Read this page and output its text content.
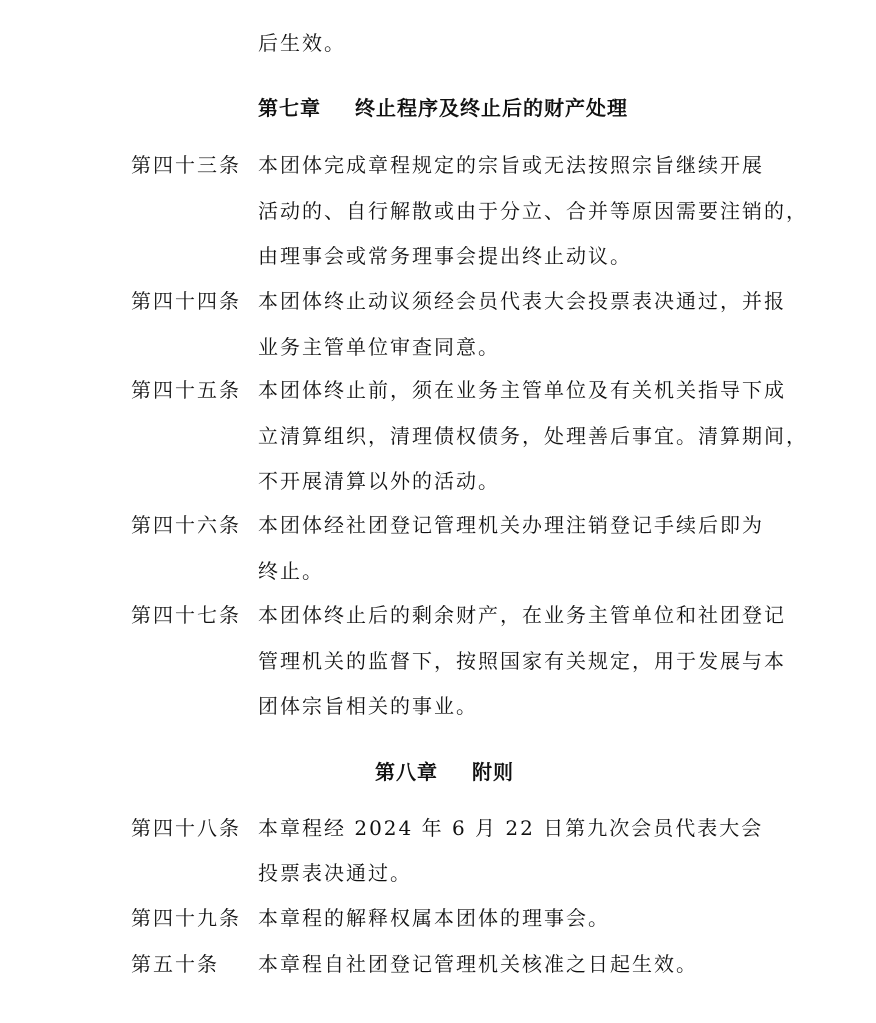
后生效。
第七章 终止程序及终止后的财产处理
第四十三条 本团体完成章程规定的宗旨或无法按照宗旨继续开展
活动的、自行解散或由于分立、合并等原因需要注销的，
由理事会或常务理事会提出终止动议。
第四十四条 本团体终止动议须经会员代表大会投票表决通过，并报
业务主管单位审查同意。
第四十五条 本团体终止前，须在业务主管单位及有关机关指导下成
立清算组织，清理债权债务，处理善后事宜。清算期间，
不开展清算以外的活动。
第四十六条 本团体经社团登记管理机关办理注销登记手续后即为
终止。
第四十七条 本团体终止后的剩余财产，在业务主管单位和社团登记
管理机关的监督下，按照国家有关规定，用于发展与本
团体宗旨相关的事业。
第八章 附则
第四十八条 本章程经 2024 年 6 月 22 日第九次会员代表大会
投票表决通过。
第四十九条 本章程的解释权属本团体的理事会。
第五十条 本章程自社团登记管理机关核准之日起生效。
